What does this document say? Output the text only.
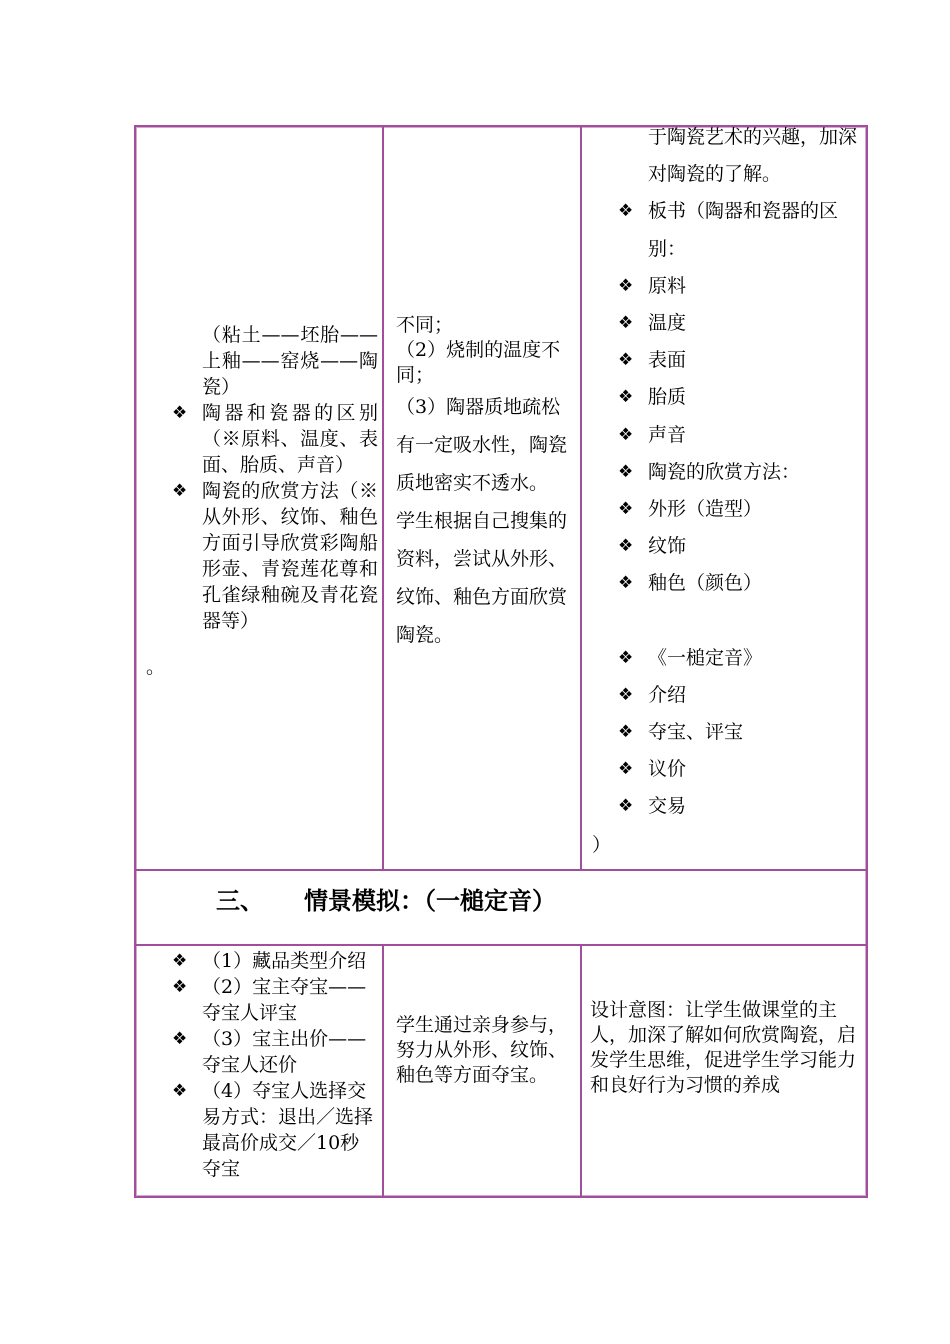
（粘土——坯胎——上釉——窑烧——陶瓷）
❖ 陶器和瓷器的区别（※原料、温度、表面、胎质、声音）
❖ 陶瓷的欣赏方法（※从外形、纹饰、釉色方面引导欣赏彩陶船形壶、青瓷莲花尊和孔雀绿釉碗及青花瓷器等）
。
不同；
（2）烧制的温度不同；
（3）陶器质地疏松有一定吸水性，陶瓷质地密实不透水。
学生根据自己搜集的资料，尝试从外形、纹饰、釉色方面欣赏陶瓷。
于陶瓷艺术的兴趣，加深对陶瓷的了解。
❖ 板书（陶器和瓷器的区别：
❖ 原料
❖ 温度
❖ 表面
❖ 胎质
❖ 声音
❖ 陶瓷的欣赏方法：
❖ 外形（造型）
❖ 纹饰
❖ 釉色（颜色）
❖ 《一槌定音》
❖ 介绍
❖ 夺宝、评宝
❖ 议价
❖ 交易
）
三、 情景模拟：（一槌定音）
❖ （1）藏品类型介绍
❖ （2）宝主夺宝——夺宝人评宝
❖ （3）宝主出价——夺宝人还价
❖ （4）夺宝人选择交易方式：退出／选择最高价成交／10秒夺宝
学生通过亲身参与，努力从外形、纹饰、釉色等方面夺宝。
设计意图：让学生做课堂的主人，加深了解如何欣赏陶瓷，启发学生思维，促进学生学习能力和良好行为习惯的养成
